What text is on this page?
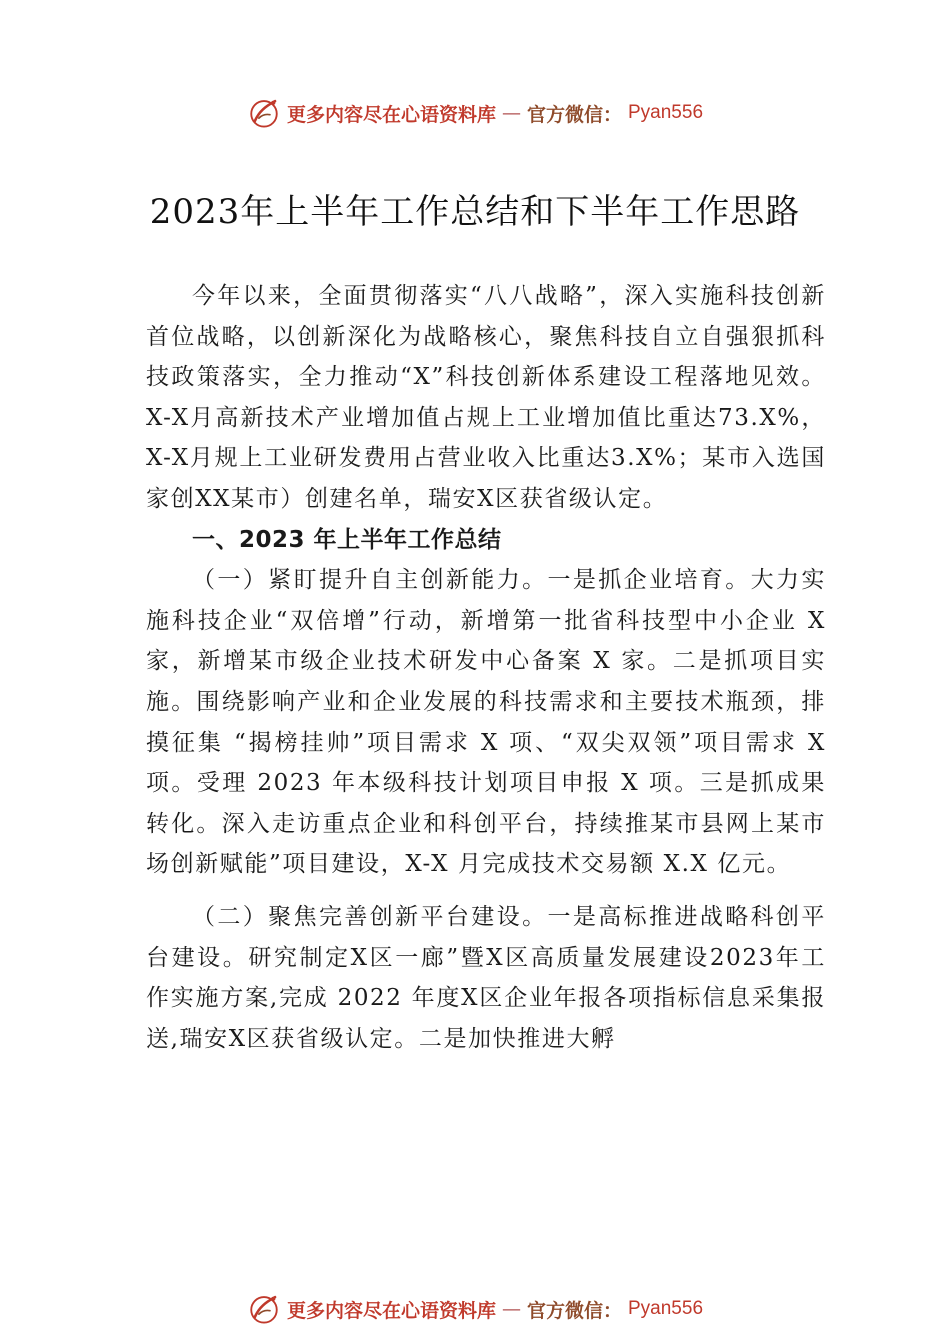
更多内容尽在心语资料库 — 官方微信： Pyan556
2023年上半年工作总结和下半年工作思路

今年以来，全面贯彻落实“八八战略”，深入实施科技创新首位战略，以创新深化为战略核心，聚焦科技自立自强狠抓科技政策落实，全力推动“X”科技创新体系建设工程落地见效。X-X月高新技术产业增加值占规上工业增加值比重达73.X%，X-X月规上工业研发费用占营业收入比重达3.X%；某市入选国家创XX某市）创建名单，瑞安X区获省级认定。

一、2023 年上半年工作总结

（一）紧盯提升自主创新能力。一是抓企业培育。大力实施科技企业“双倍增”行动，新增第一批省科技型中小企业 X 家，新增某市级企业技术研发中心备案 X 家。二是抓项目实施。围绕影响产业和企业发展的科技需求和主要技术瓶颈，排摸征集 “揭榜挂帅”项目需求 X 项、“双尖双领”项目需求 X 项。受理 2023 年本级科技计划项目申报 X 项。三是抓成果转化。深入走访重点企业和科创平台，持续推某市县网上某市场创新赋能”项目建设，X-X 月完成技术交易额 X.X 亿元。

（二）聚焦完善创新平台建设。一是高标推进战略科创平台建设。研究制定X区一廊”暨X区高质量发展建设2023年工作实施方案,完成 2022 年度X区企业年报各项指标信息采集报送,瑞安X区获省级认定。二是加快推进大孵

更多内容尽在心语资料库 — 官方微信： Pyan556
